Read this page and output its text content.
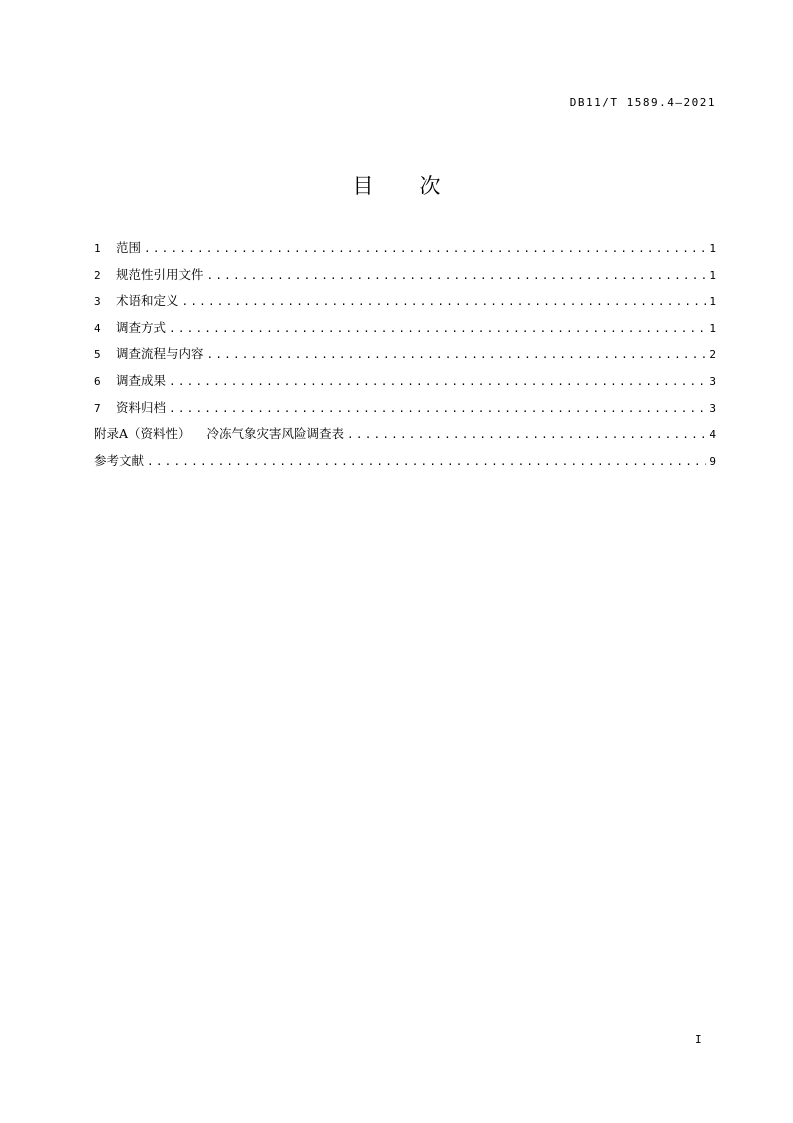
DB11/T 1589.4—2021
目 次
1	范围 .....	1
2	规范性引用文件 .....	1
3	术语和定义 .....	1
4	调查方式 .....	1
5	调查流程与内容 .....	2
6	调查成果 .....	3
7	资料归档 .....	3
附录A（资料性） 冷冻气象灾害风险调查表 .....	4
参考文献 .....	9
I
